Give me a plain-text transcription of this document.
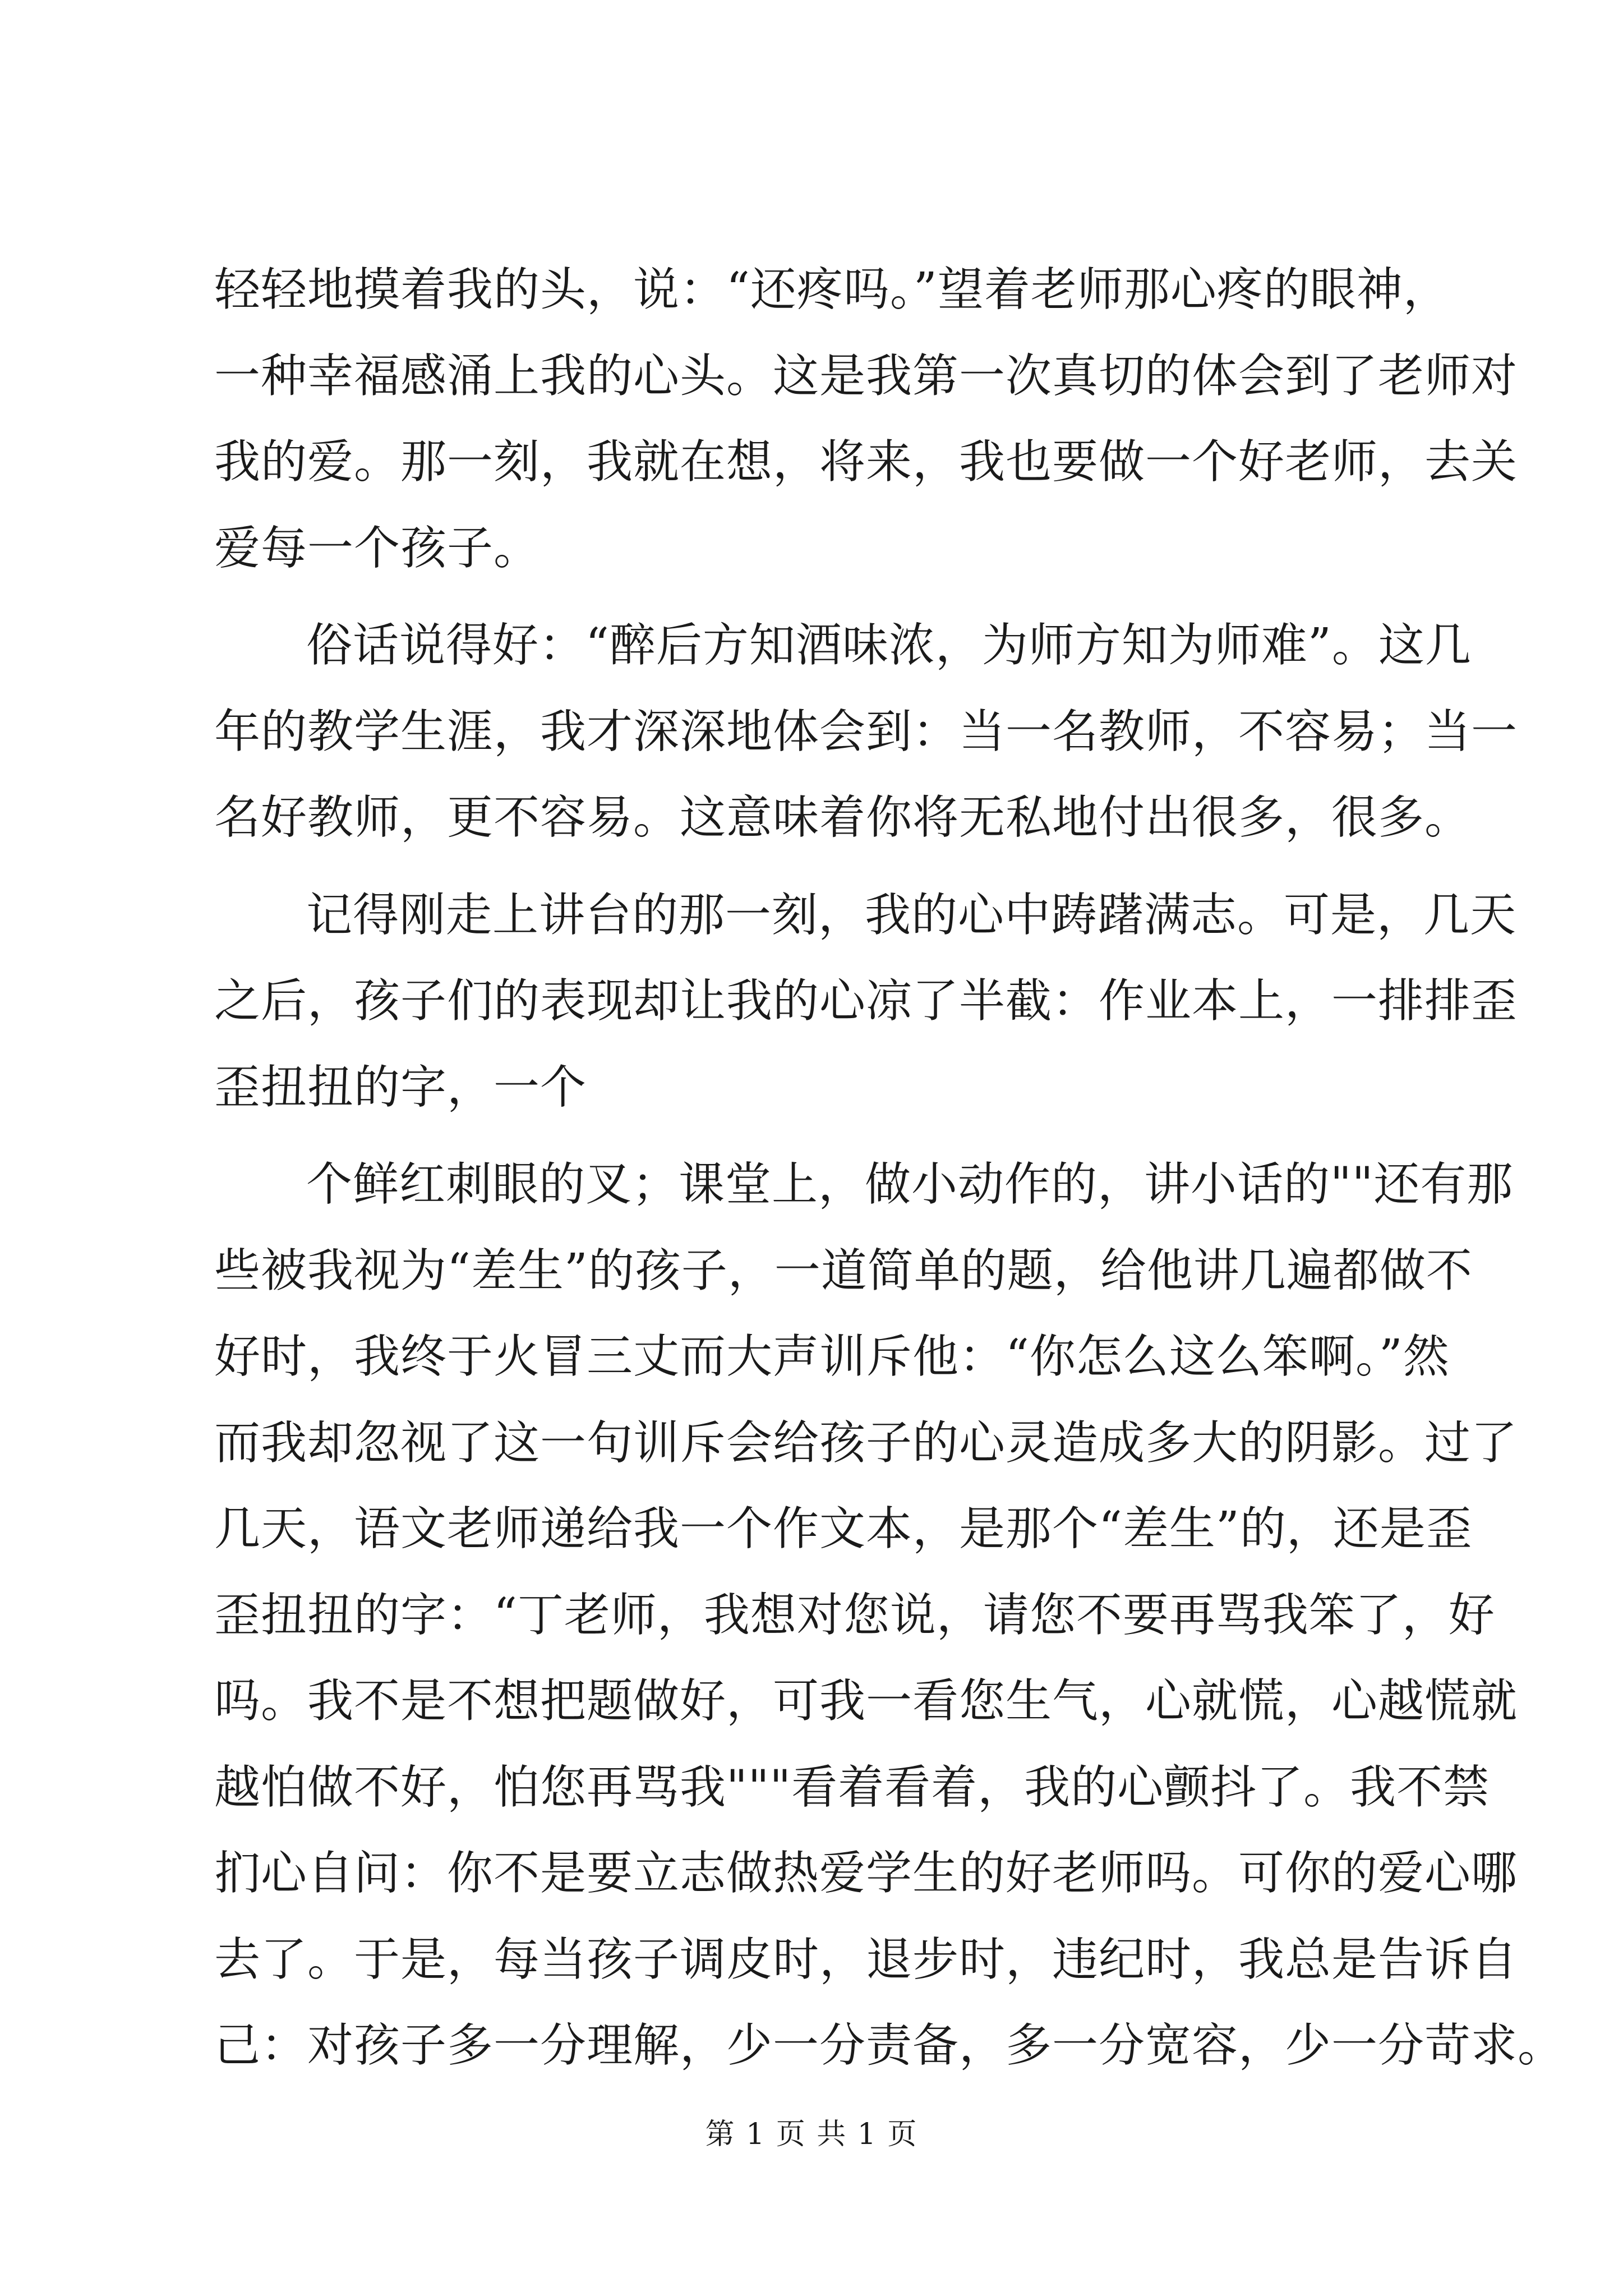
轻轻地摸着我的头，说：“还疼吗。”望着老师那心疼的眼神，
一种幸福感涌上我的心头。这是我第一次真切的体会到了老师对
我的爱。那一刻，我就在想，将来，我也要做一个好老师，去关
爱每一个孩子。

俗话说得好：“醉后方知酒味浓，为师方知为师难”。这几
年的教学生涯，我才深深地体会到：当一名教师，不容易；当一
名好教师，更不容易。这意味着你将无私地付出很多，很多。

记得刚走上讲台的那一刻，我的心中踌躇满志。可是，几天
之后，孩子们的表现却让我的心凉了半截：作业本上，一排排歪
歪扭扭的字，一个

个鲜红刺眼的叉；课堂上，做小动作的，讲小话的""还有那
些被我视为“差生”的孩子，一道简单的题，给他讲几遍都做不
好时，我终于火冒三丈而大声训斥他：“你怎么这么笨啊。”然
而我却忽视了这一句训斥会给孩子的心灵造成多大的阴影。过了
几天，语文老师递给我一个作文本，是那个“差生”的，还是歪
歪扭扭的字：“丁老师，我想对您说，请您不要再骂我笨了，好
吗。我不是不想把题做好，可我一看您生气，心就慌，心越慌就
越怕做不好，怕您再骂我"""看着看着，我的心颤抖了。我不禁
扪心自问：你不是要立志做热爱学生的好老师吗。可你的爱心哪
去了。于是，每当孩子调皮时，退步时，违纪时，我总是告诉自
己：对孩子多一分理解，少一分责备，多一分宽容，少一分苛求。

第 1 页 共 1 页
